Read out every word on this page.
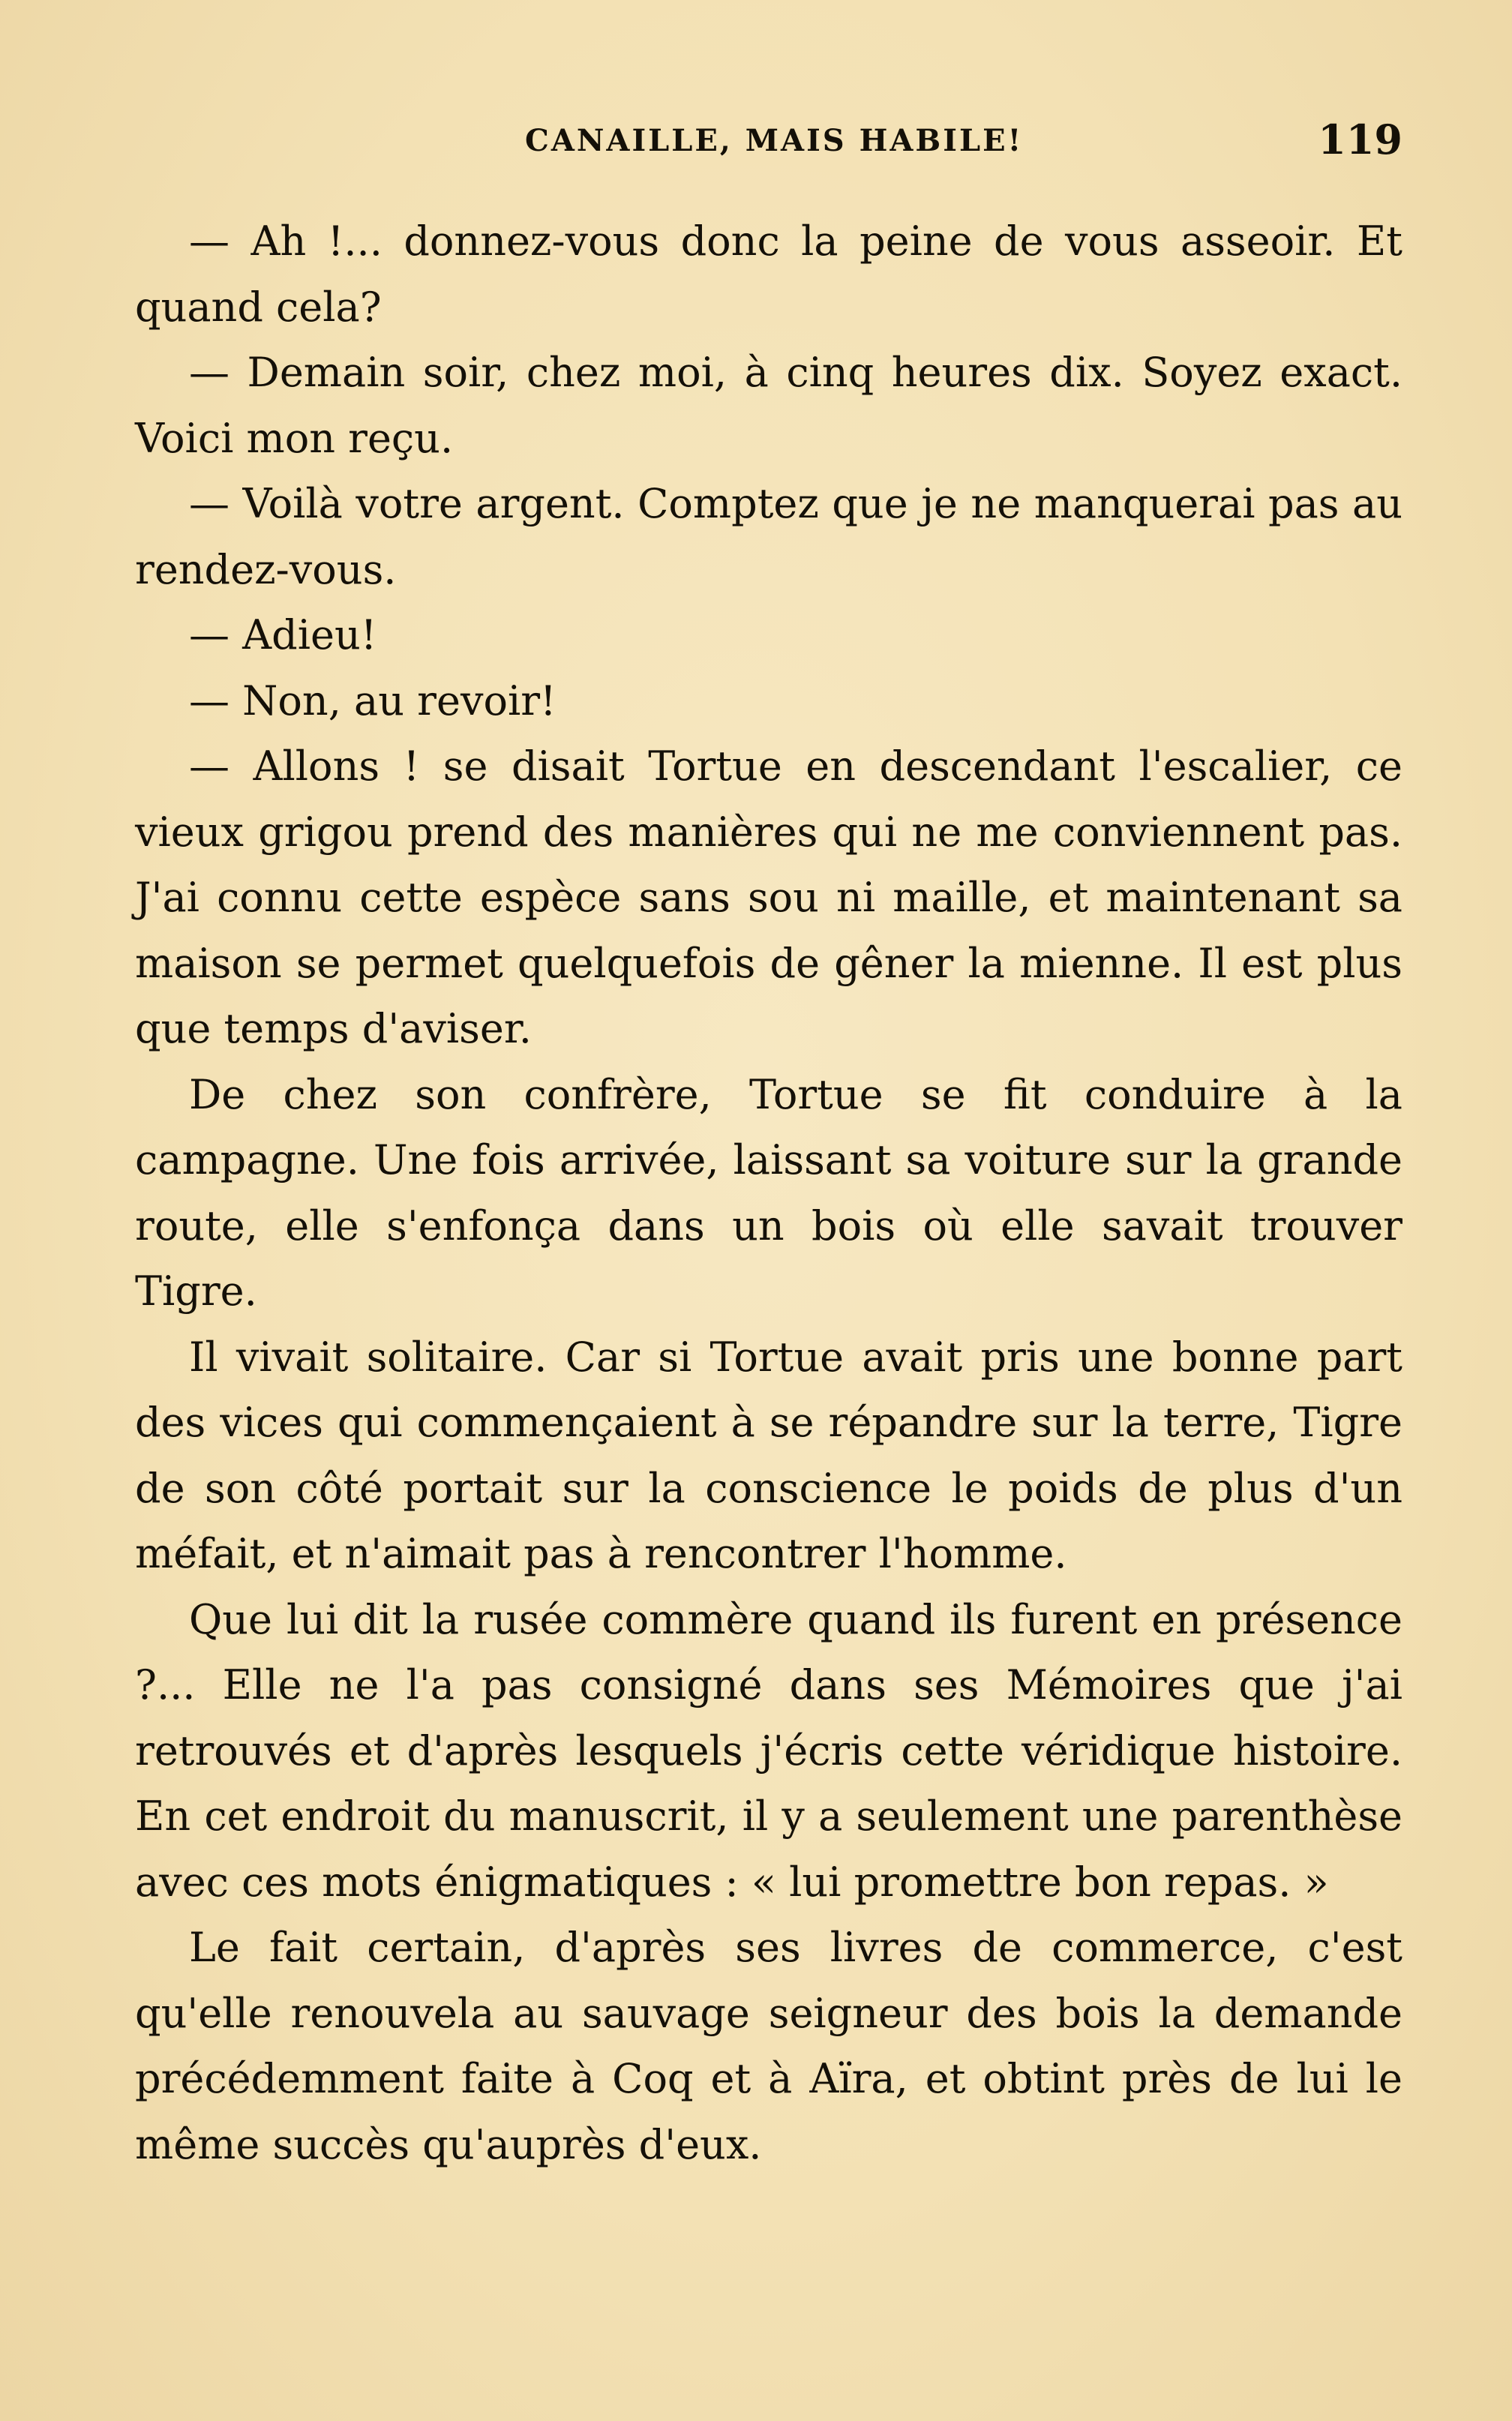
CANAILLE, MAIS HABILE!	119

— Ah !... donnez-vous donc la peine de vous asseoir. Et quand cela?

— Demain soir, chez moi, à cinq heures dix. Soyez exact. Voici mon reçu.

— Voilà votre argent. Comptez que je ne manquerai pas au rendez-vous.

— Adieu!

— Non, au revoir!

— Allons ! se disait Tortue en descendant l'escalier, ce vieux grigou prend des manières qui ne me conviennent pas. J'ai connu cette espèce sans sou ni maille, et maintenant sa maison se permet quelquefois de gêner la mienne. Il est plus que temps d'aviser.

De chez son confrère, Tortue se fit conduire à la campagne. Une fois arrivée, laissant sa voiture sur la grande route, elle s'enfonça dans un bois où elle savait trouver Tigre.

Il vivait solitaire. Car si Tortue avait pris une bonne part des vices qui commençaient à se répandre sur la terre, Tigre de son côté portait sur la conscience le poids de plus d'un méfait, et n'aimait pas à rencontrer l'homme.

Que lui dit la rusée commère quand ils furent en présence ?... Elle ne l'a pas consigné dans ses Mémoires que j'ai retrouvés et d'après lesquels j'écris cette véridique histoire. En cet endroit du manuscrit, il y a seulement une parenthèse avec ces mots énigmatiques : « lui promettre bon repas. »

Le fait certain, d'après ses livres de commerce, c'est qu'elle renouvela au sauvage seigneur des bois la demande précédemment faite à Coq et à Aïra, et obtint près de lui le même succès qu'auprès d'eux.
